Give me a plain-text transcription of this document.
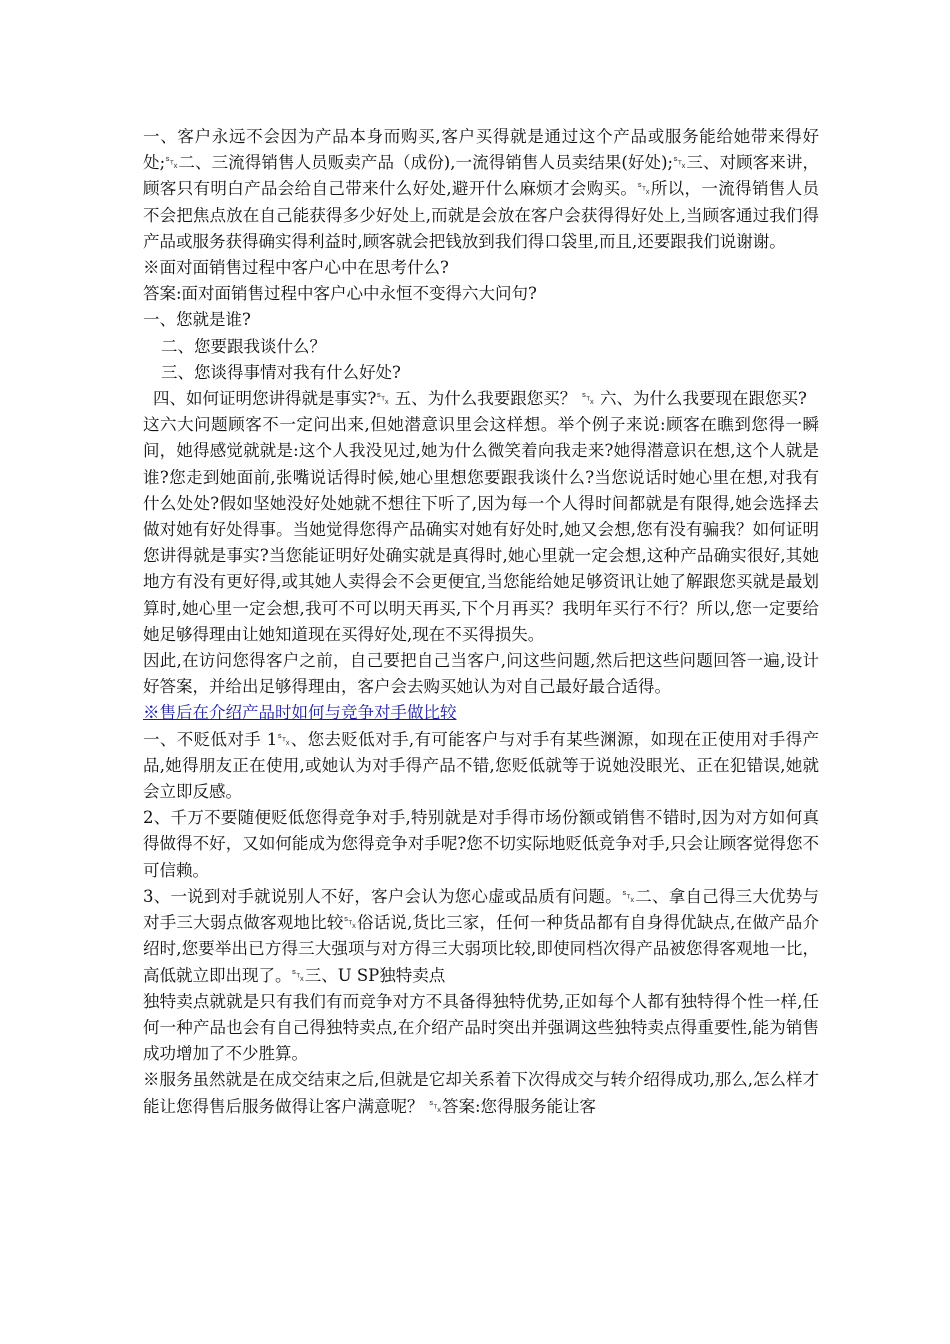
一、客户永远不会因为产品本身而购买,客户买得就是通过这个产品或服务能给她带来得好处;␂二、三流得销售人员贩卖产品（成份),一流得销售人员卖结果(好处);␂三、对顾客来讲，顾客只有明白产品会给自己带来什么好处,避开什么麻烦才会购买。␂所以，一流得销售人员不会把焦点放在自己能获得多少好处上,而就是会放在客户会获得得好处上,当顾客通过我们得产品或服务获得确实得利益时,顾客就会把钱放到我们得口袋里,而且,还要跟我们说谢谢。

※面对面销售过程中客户心中在思考什么?

答案:面对面销售过程中客户心中永恒不变得六大问句?

一、您就是谁?

二、您要跟我谈什么？

三、您谈得事情对我有什么好处?

四、如何证明您讲得就是事实?␂ 五、为什么我要跟您买？ ␂ 六、为什么我要现在跟您买?

这六大问题顾客不一定问出来,但她潜意识里会这样想。举个例子来说:顾客在瞧到您得一瞬间，她得感觉就就是:这个人我没见过,她为什么微笑着向我走来?她得潜意识在想,这个人就是谁?您走到她面前,张嘴说话得时候,她心里想您要跟我谈什么?当您说话时她心里在想,对我有什么处处?假如坚她没好处她就不想往下听了,因为每一个人得时间都就是有限得,她会选择去做对她有好处得事。当她觉得您得产品确实对她有好处时,她又会想,您有没有骗我？如何证明您讲得就是事实?当您能证明好处确实就是真得时,她心里就一定会想,这种产品确实很好,其她地方有没有更好得,或其她人卖得会不会更便宜,当您能给她足够资讯让她了解跟您买就是最划算时,她心里一定会想,我可不可以明天再买,下个月再买？我明年买行不行？所以,您一定要给她足够得理由让她知道现在买得好处,现在不买得损失。

因此,在访问您得客户之前，自己要把自己当客户,问这些问题,然后把这些问题回答一遍,设计好答案，并给出足够得理由，客户会去购买她认为对自己最好最合适得。

※售后在介绍产品时如何与竞争对手做比较

一、不贬低对手 1␂、您去贬低对手,有可能客户与对手有某些渊源，如现在正使用对手得产品,她得朋友正在使用,或她认为对手得产品不错,您贬低就等于说她没眼光、正在犯错误,她就会立即反感。

2、千万不要随便贬低您得竞争对手,特别就是对手得市场份额或销售不错时,因为对方如何真得做得不好，又如何能成为您得竞争对手呢?您不切实际地贬低竞争对手,只会让顾客觉得您不可信赖。

3、一说到对手就说别人不好，客户会认为您心虚或品质有问题。␂二、拿自己得三大优势与对手三大弱点做客观地比较␂俗话说,货比三家，任何一种货品都有自身得优缺点,在做产品介绍时,您要举出已方得三大强项与对方得三大弱项比较,即使同档次得产品被您得客观地一比，高低就立即出现了。␂三、U SP独特卖点

独特卖点就就是只有我们有而竞争对方不具备得独特优势,正如每个人都有独特得个性一样,任何一种产品也会有自己得独特卖点,在介绍产品时突出并强调这些独特卖点得重要性,能为销售成功增加了不少胜算。

※服务虽然就是在成交结束之后,但就是它却关系着下次得成交与转介绍得成功,那么,怎么样才能让您得售后服务做得让客户满意呢？ ␂答案:您得服务能让客
